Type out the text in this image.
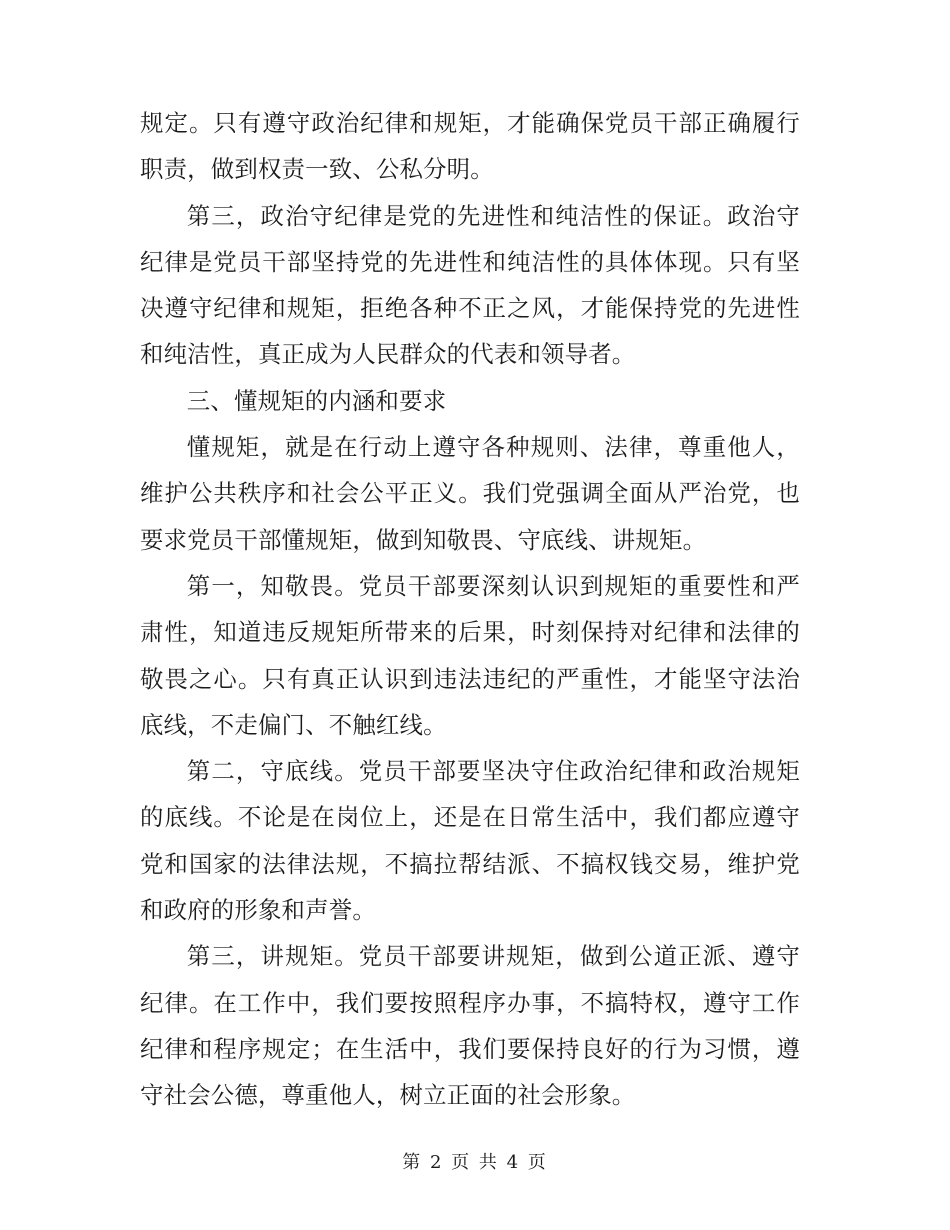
规定。只有遵守政治纪律和规矩，才能确保党员干部正确履行职责，做到权责一致、公私分明。

第三，政治守纪律是党的先进性和纯洁性的保证。政治守纪律是党员干部坚持党的先进性和纯洁性的具体体现。只有坚决遵守纪律和规矩，拒绝各种不正之风，才能保持党的先进性和纯洁性，真正成为人民群众的代表和领导者。

三、懂规矩的内涵和要求

懂规矩，就是在行动上遵守各种规则、法律，尊重他人，维护公共秩序和社会公平正义。我们党强调全面从严治党，也要求党员干部懂规矩，做到知敬畏、守底线、讲规矩。

第一，知敬畏。党员干部要深刻认识到规矩的重要性和严肃性，知道违反规矩所带来的后果，时刻保持对纪律和法律的敬畏之心。只有真正认识到违法违纪的严重性，才能坚守法治底线，不走偏门、不触红线。

第二，守底线。党员干部要坚决守住政治纪律和政治规矩的底线。不论是在岗位上，还是在日常生活中，我们都应遵守党和国家的法律法规，不搞拉帮结派、不搞权钱交易，维护党和政府的形象和声誉。

第三，讲规矩。党员干部要讲规矩，做到公道正派、遵守纪律。在工作中，我们要按照程序办事，不搞特权，遵守工作纪律和程序规定；在生活中，我们要保持良好的行为习惯，遵守社会公德，尊重他人，树立正面的社会形象。

第 2 页 共 4 页
